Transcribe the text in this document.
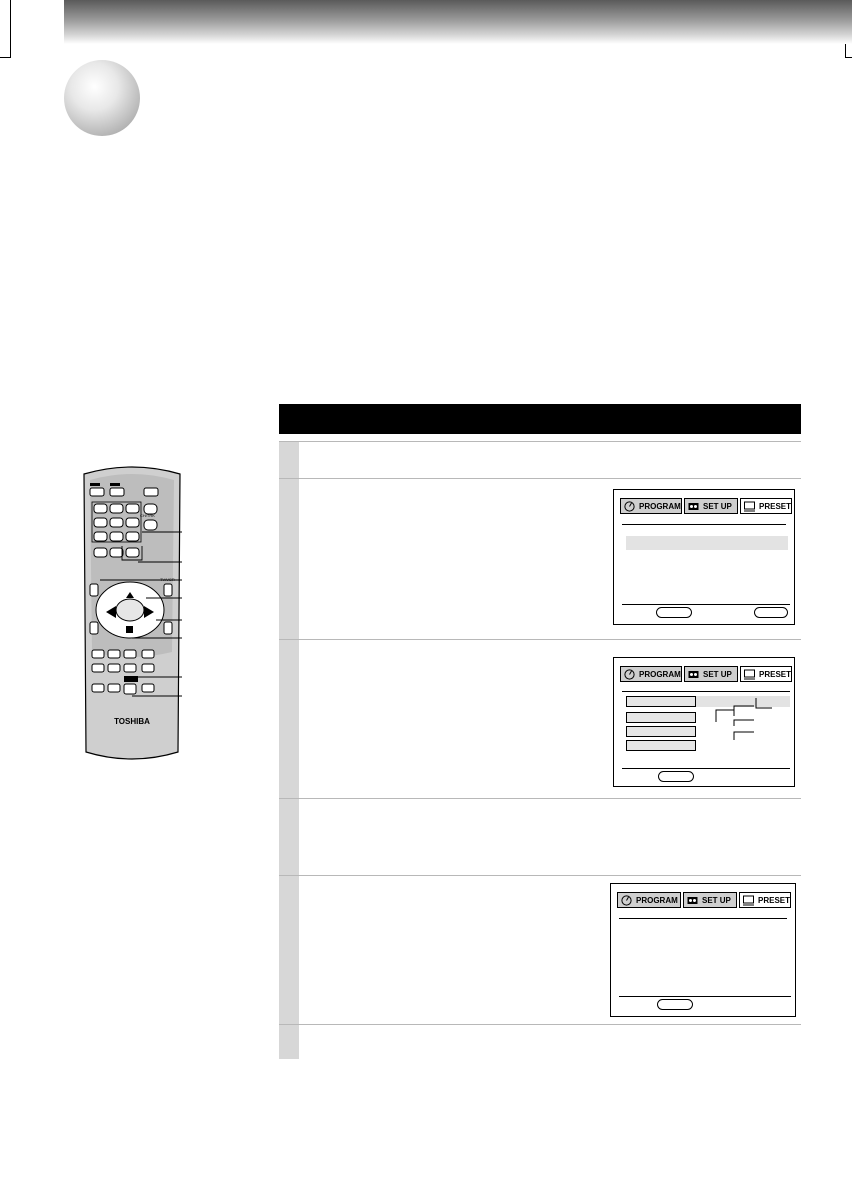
CH/TRK
TV/VCR
TOSHIBA
PROGRAM	SET UP	PRESET
PROGRAM	SET UP	PRESET
PROGRAM	SET UP	PRESET
